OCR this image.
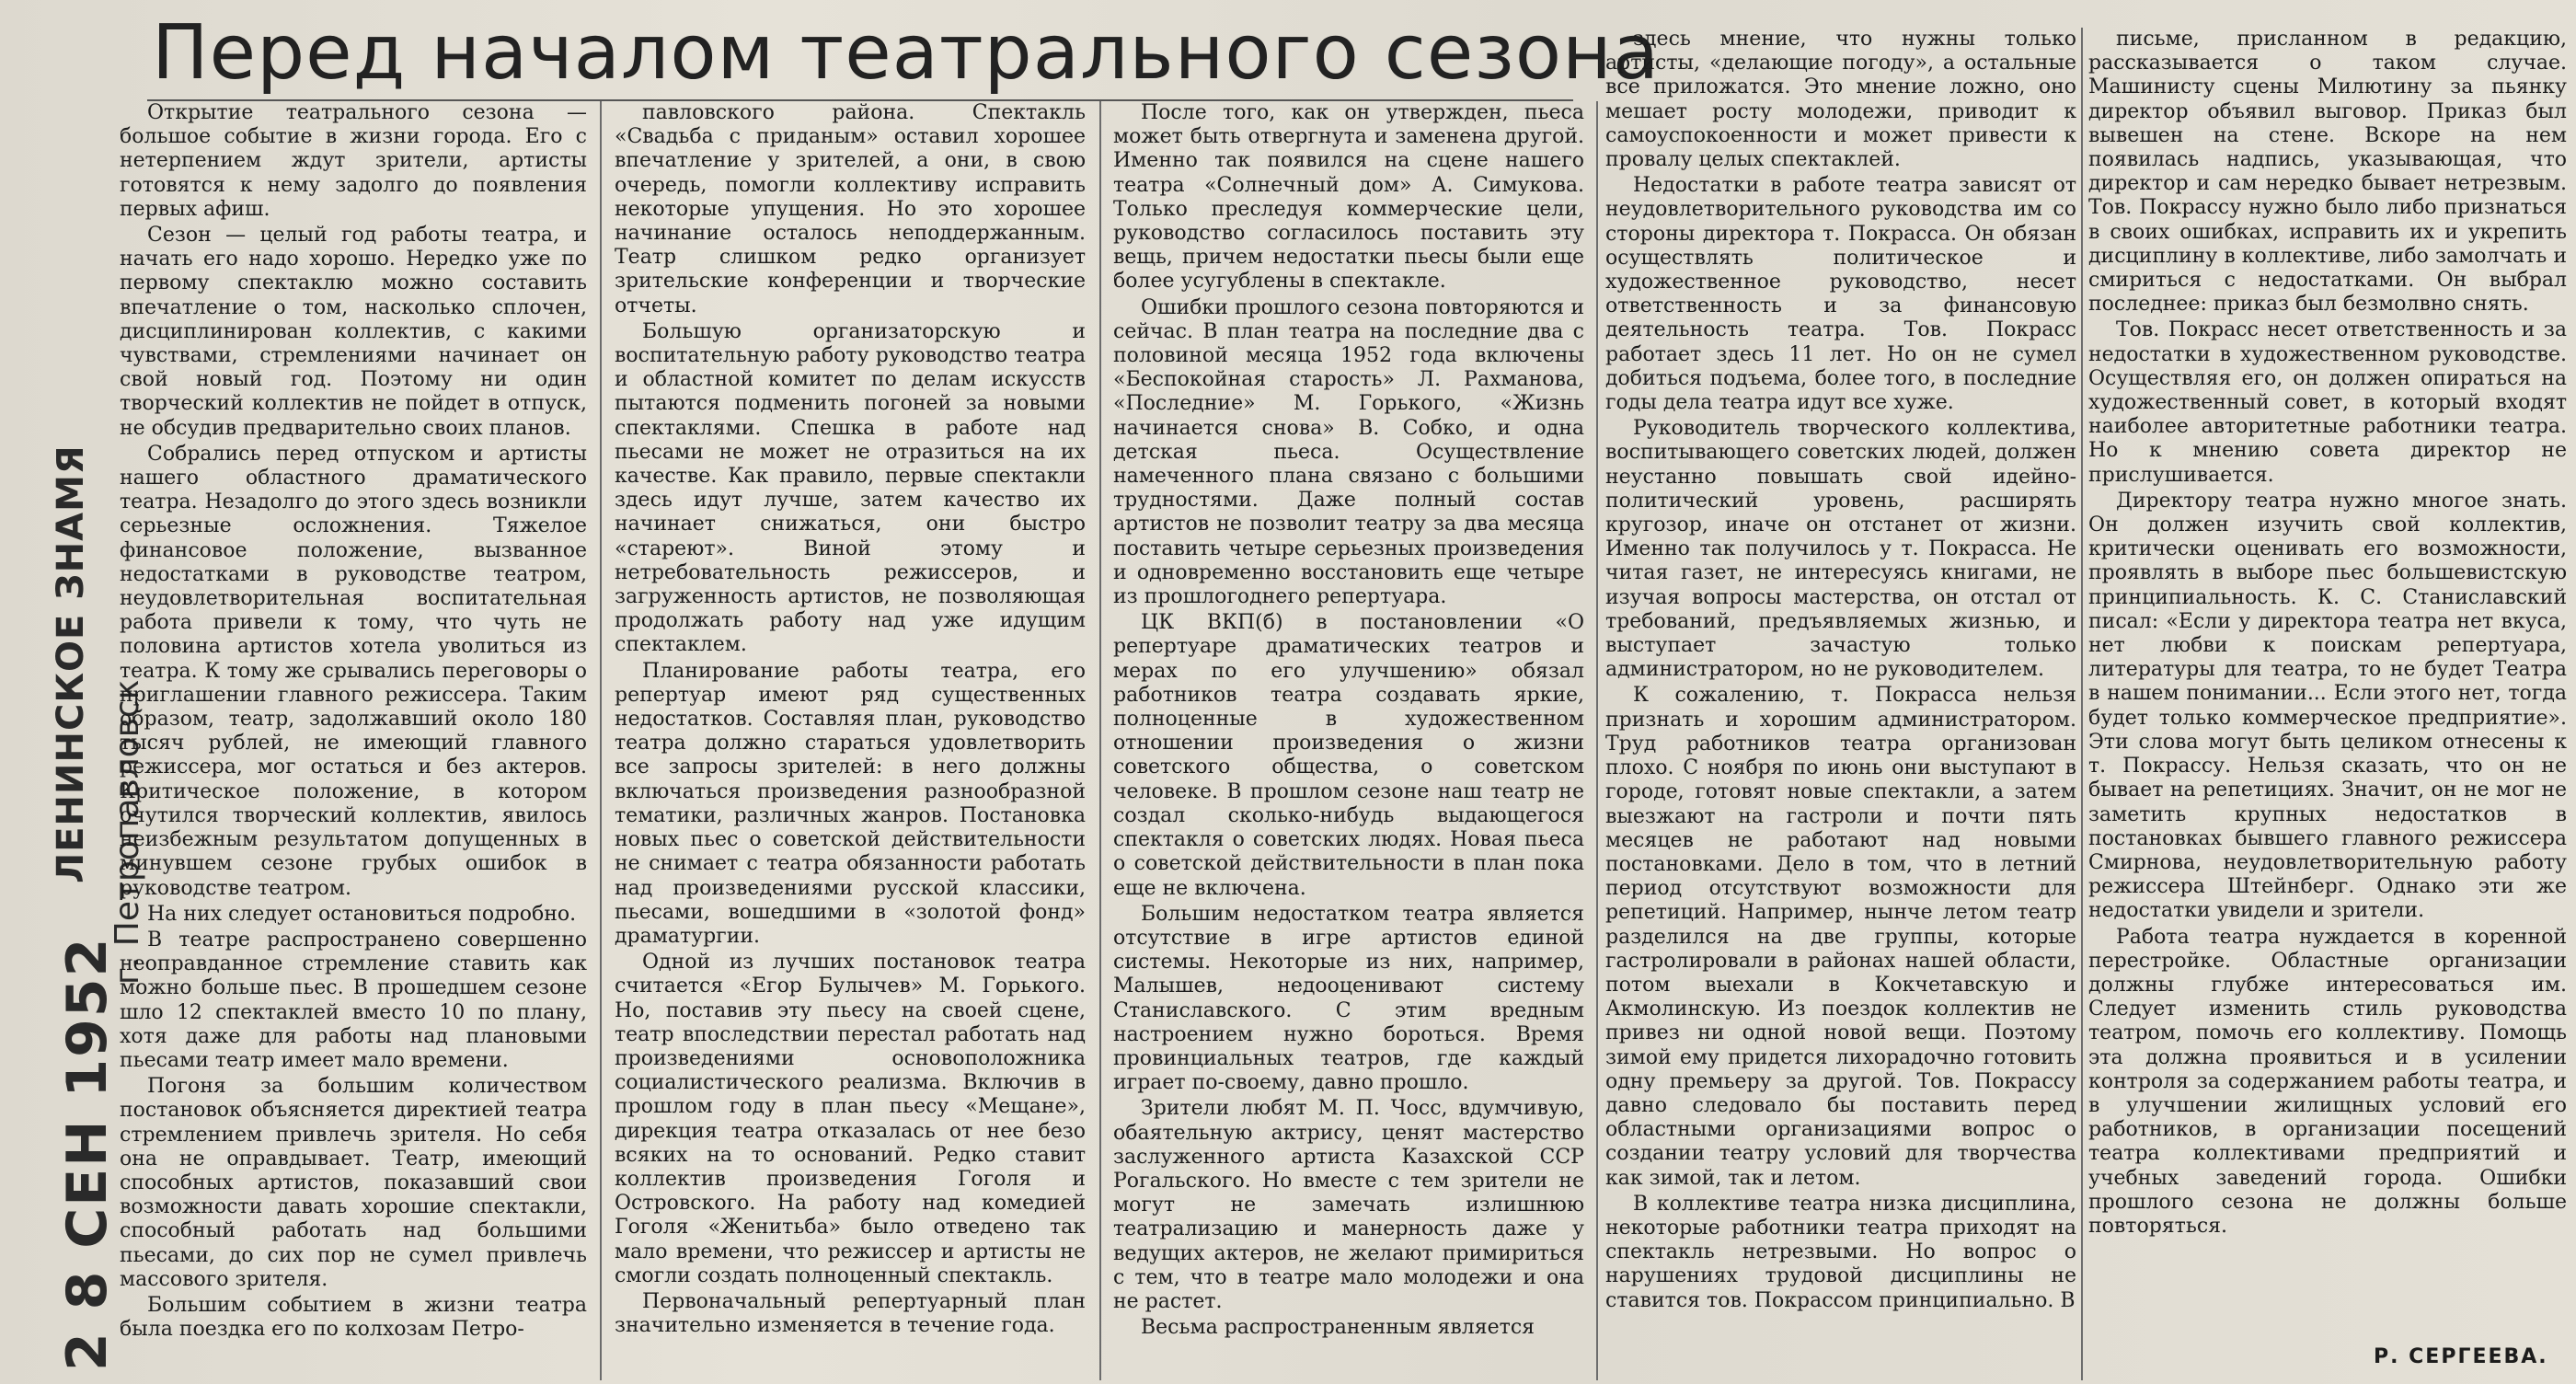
ЛЕНИНСКОЕ ЗНАМЯ г. Петропавловск
2 8 СЕН 1952
Перед началом театрального сезона

Открытие театрального сезона — большое событие в жизни города. Его с нетерпением ждут зрители, артисты готовятся к нему задолго до появления первых афиш.

Сезон — целый год работы театра, и начать его надо хорошо. Нередко уже по первому спектаклю можно составить впечатление о том, насколько сплочен, дисциплинирован коллектив, с какими чувствами, стремлениями начинает он свой новый год. Поэтому ни один творческий коллектив не пойдет в отпуск, не обсудив предварительно своих планов.

Собрались перед отпуском и артисты нашего областного драматического театра. Незадолго до этого здесь возникли серьезные осложнения. Тяжелое финансовое положение, вызванное недостатками в руководстве театром, неудовлетворительная воспитательная работа привели к тому, что чуть не половина артистов хотела уволиться из театра. К тому же срывались переговоры о приглашении главного режиссера. Таким образом, театр, задолжавший около 180 тысяч рублей, не имеющий главного режиссера, мог остаться и без актеров. Критическое положение, в котором очутился творческий коллектив, явилось неизбежным результатом допущенных в минувшем сезоне грубых ошибок в руководстве театром.

На них следует остановиться подробно.

В театре распространено совершенно неоправданное стремление ставить как можно больше пьес. В прошедшем сезоне шло 12 спектаклей вместо 10 по плану, хотя даже для работы над плановыми пьесами театр имеет мало времени.

Погоня за большим количеством постановок объясняется директией театра стремлением привлечь зрителя. Но себя она не оправдывает. Театр, имеющий способных артистов, показавший свои возможности давать хорошие спектакли, способный работать над большими пьесами, до сих пор не сумел привлечь массового зрителя.

Большим событием в жизни театра была поездка его по колхозам Петро-

павловского района. Спектакль «Свадьба с приданым» оставил хорошее впечатление у зрителей, а они, в свою очередь, помогли коллективу исправить некоторые упущения. Но это хорошее начинание осталось неподдержанным. Театр слишком редко организует зрительские конференции и творческие отчеты.

Большую организаторскую и воспитательную работу руководство театра и областной комитет по делам искусств пытаются подменить погоней за новыми спектаклями. Спешка в работе над пьесами не может не отразиться на их качестве. Как правило, первые спектакли здесь идут лучше, затем качество их начинает снижаться, они быстро «стареют». Виной этому и нетребовательность режиссеров, и загруженность артистов, не позволяющая продолжать работу над уже идущим спектаклем.

Планирование работы театра, его репертуар имеют ряд существенных недостатков. Составляя план, руководство театра должно стараться удовлетворить все запросы зрителей: в него должны включаться произведения разнообразной тематики, различных жанров. Постановка новых пьес о советской действительности не снимает с театра обязанности работать над произведениями русской классики, пьесами, вошедшими в «золотой фонд» драматургии.

Одной из лучших постановок театра считается «Егор Булычев» М. Горького. Но, поставив эту пьесу на своей сцене, театр впоследствии перестал работать над произведениями основоположника социалистического реализма. Включив в прошлом году в план пьесу «Мещане», дирекция театра отказалась от нее безо всяких на то оснований. Редко ставит коллектив произведения Гоголя и Островского. На работу над комедией Гоголя «Женитьба» было отведено так мало времени, что режиссер и артисты не смогли создать полноценный спектакль.

Первоначальный репертуарный план значительно изменяется в течение года.

После того, как он утвержден, пьеса может быть отвергнута и заменена другой. Именно так появился на сцене нашего театра «Солнечный дом» А. Симукова. Только преследуя коммерческие цели, руководство согласилось поставить эту вещь, причем недостатки пьесы были еще более усугублены в спектакле.

Ошибки прошлого сезона повторяются и сейчас. В план театра на последние два с половиной месяца 1952 года включены «Беспокойная старость» Л. Рахманова, «Последние» М. Горького, «Жизнь начинается снова» В. Собко, и одна детская пьеса. Осуществление намеченного плана связано с большими трудностями. Даже полный состав артистов не позволит театру за два месяца поставить четыре серьезных произведения и одновременно восстановить еще четыре из прошлогоднего репертуара.

ЦК ВКП(б) в постановлении «О репертуаре драматических театров и мерах по его улучшению» обязал работников театра создавать яркие, полноценные в художественном отношении произведения о жизни советского общества, о советском человеке. В прошлом сезоне наш театр не создал сколько-нибудь выдающегося спектакля о советских людях. Новая пьеса о советской действительности в план пока еще не включена.

Большим недостатком театра является отсутствие в игре артистов единой системы. Некоторые из них, например, Малышев, недооценивают систему Станиславского. С этим вредным настроением нужно бороться. Время провинциальных театров, где каждый играет по-своему, давно прошло.

Зрители любят М. П. Чосс, вдумчивую, обаятельную актрису, ценят мастерство заслуженного артиста Казахской ССР Рогальского. Но вместе с тем зрители не могут не замечать излишнюю театрализацию и манерность даже у ведущих актеров, не желают примириться с тем, что в театре мало молодежи и она не растет.

Весьма распространенным является

здесь мнение, что нужны только артисты, «делающие погоду», а остальные все приложатся. Это мнение ложно, оно мешает росту молодежи, приводит к самоуспокоенности и может привести к провалу целых спектаклей.

Недостатки в работе театра зависят от неудовлетворительного руководства им со стороны директора т. Покрасса. Он обязан осуществлять политическое и художественное руководство, несет ответственность и за финансовую деятельность театра. Тов. Покрасс работает здесь 11 лет. Но он не сумел добиться подъема, более того, в последние годы дела театра идут все хуже.

Руководитель творческого коллектива, воспитывающего советских людей, должен неустанно повышать свой идейно-политический уровень, расширять кругозор, иначе он отстанет от жизни. Именно так получилось у т. Покрасса. Не читая газет, не интересуясь книгами, не изучая вопросы мастерства, он отстал от требований, предъявляемых жизнью, и выступает зачастую только администратором, но не руководителем.

К сожалению, т. Покрасса нельзя признать и хорошим администратором. Труд работников театра организован плохо. С ноября по июнь они выступают в городе, готовят новые спектакли, а затем выезжают на гастроли и почти пять месяцев не работают над новыми постановками. Дело в том, что в летний период отсутствуют возможности для репетиций. Например, нынче летом театр разделился на две группы, которые гастролировали в районах нашей области, потом выехали в Кокчетавскую и Акмолинскую. Из поездок коллектив не привез ни одной новой вещи. Поэтому зимой ему придется лихорадочно готовить одну премьеру за другой. Тов. Покрассу давно следовало бы поставить перед областными организациями вопрос о создании театру условий для творчества как зимой, так и летом.

В коллективе театра низка дисциплина, некоторые работники театра приходят на спектакль нетрезвыми. Но вопрос о нарушениях трудовой дисциплины не ставится тов. Покрассом принципиально. В

письме, присланном в редакцию, рассказывается о таком случае. Машинисту сцены Милютину за пьянку директор объявил выговор. Приказ был вывешен на стене. Вскоре на нем появилась надпись, указывающая, что директор и сам нередко бывает нетрезвым. Тов. Покрассу нужно было либо признаться в своих ошибках, исправить их и укрепить дисциплину в коллективе, либо замолчать и смириться с недостатками. Он выбрал последнее: приказ был безмолвно снять.

Тов. Покрасс несет ответственность и за недостатки в художественном руководстве. Осуществляя его, он должен опираться на художественный совет, в который входят наиболее авторитетные работники театра. Но к мнению совета директор не прислушивается.

Директору театра нужно многое знать. Он должен изучить свой коллектив, критически оценивать его возможности, проявлять в выборе пьес большевистскую принципиальность. К. С. Станиславский писал: «Если у директора театра нет вкуса, нет любви к поискам репертуара, литературы для театра, то не будет Театра в нашем понимании... Если этого нет, тогда будет только коммерческое предприятие». Эти слова могут быть целиком отнесены к т. Покрассу. Нельзя сказать, что он не бывает на репетициях. Значит, он не мог не заметить крупных недостатков в постановках бывшего главного режиссера Смирнова, неудовлетворительную работу режиссера Штейнберг. Однако эти же недостатки увидели и зрители.

Работа театра нуждается в коренной перестройке. Областные организации должны глубже интересоваться им. Следует изменить стиль руководства театром, помочь его коллективу. Помощь эта должна проявиться и в усилении контроля за содержанием работы театра, и в улучшении жилищных условий его работников, в организации посещений театра коллективами предприятий и учебных заведений города. Ошибки прошлого сезона не должны больше повторяться.

Р. СЕРГЕЕВА.
